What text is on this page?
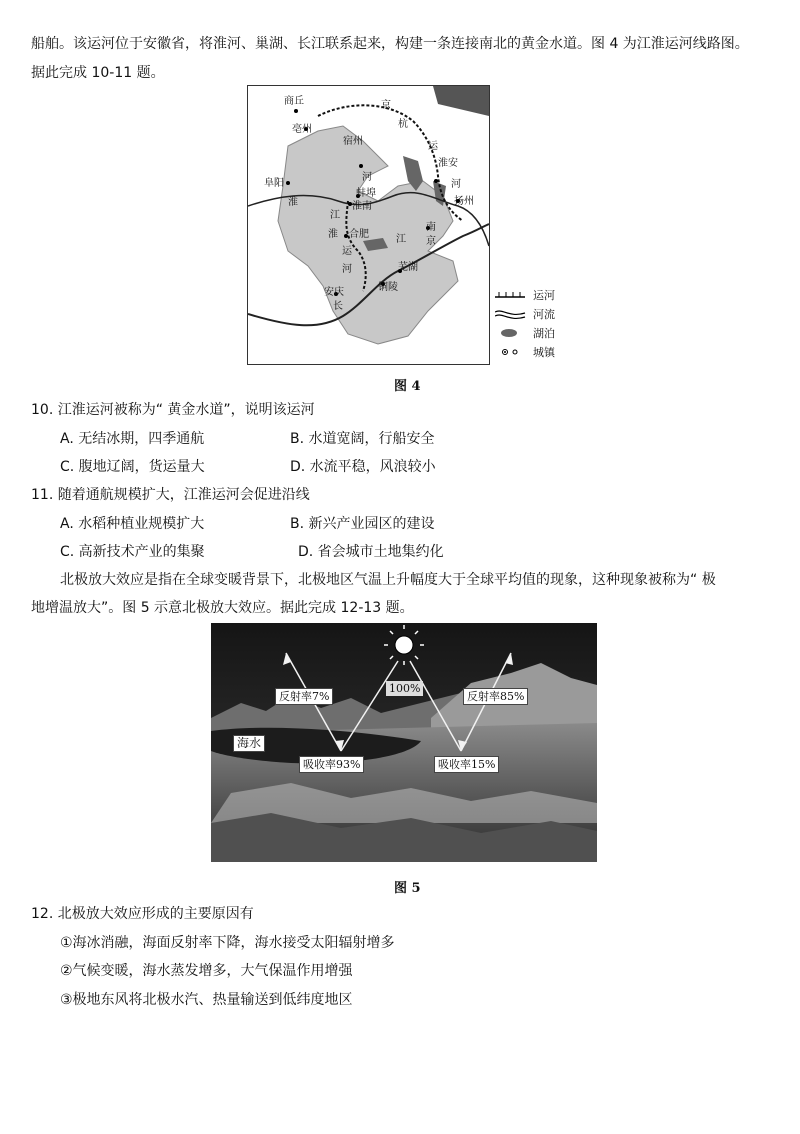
船舶。该运河位于安徽省，将淮河、巢湖、长江联系起来，构建一条连接南北的黄金水道。图 4 为江淮运河线路图。
据此完成 10-11 题。
商丘
亳州
宿州
阜阳
淮
河
蚌埠
淮南
京
杭
运
淮安
河
扬州
江
淮 合肥
运
河
江
南
京
芜湖
安庆
长
铜陵
运河
河流
湖泊
城镇
图 4
10. 江淮运河被称为“ 黄金水道”，说明该运河
A. 无结冰期，四季通航	B. 水道宽阔，行船安全
C. 腹地辽阔，货运量大	D. 水流平稳，风浪较小
11. 随着通航规模扩大，江淮运河会促进沿线
A. 水稻种植业规模扩大	B. 新兴产业园区的建设
C. 高新技术产业的集聚	D. 省会城市土地集约化
北极放大效应是指在全球变暖背景下，北极地区气温上升幅度大于全球平均值的现象，这种现象被称为“ 极
地增温放大”。图 5 示意北极放大效应。据此完成 12-13 题。
100%
反射率7%	反射率85%
吸收率93%	吸收率15%
海水
图 5
12. 北极放大效应形成的主要原因有
①海冰消融，海面反射率下降，海水接受太阳辐射增多
②气候变暖，海水蒸发增多，大气保温作用增强
③极地东风将北极水汽、热量输送到低纬度地区
